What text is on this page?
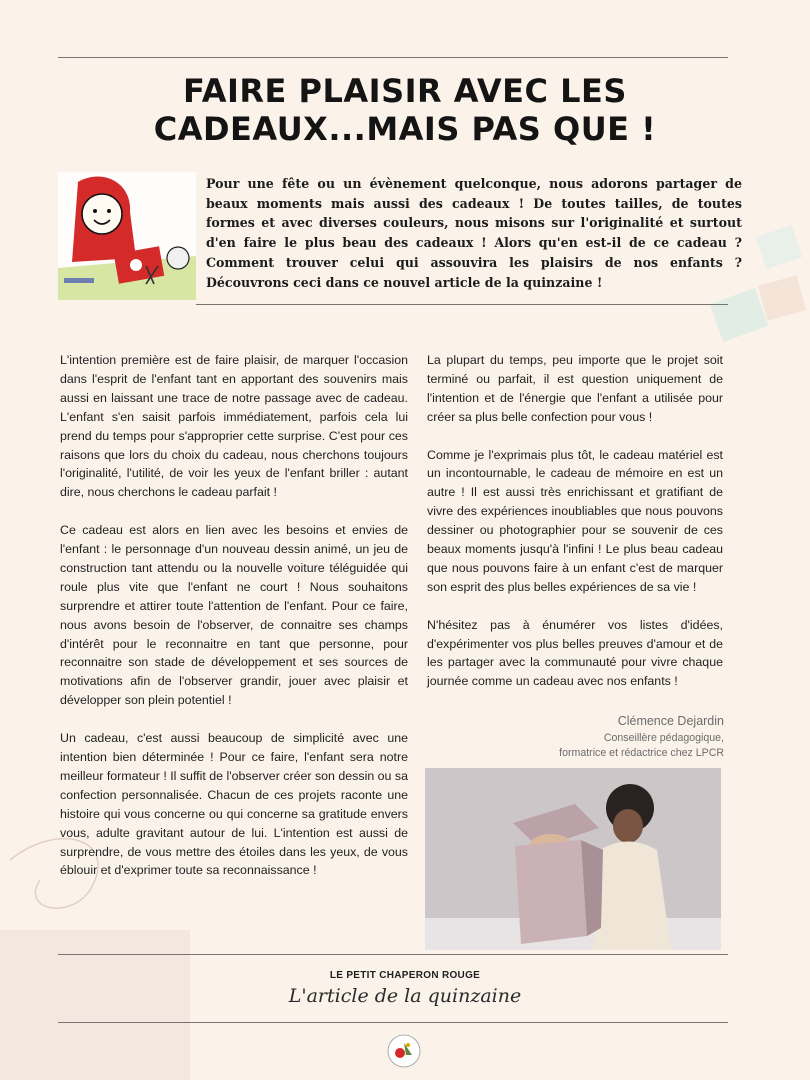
FAIRE PLAISIR AVEC LES
CADEAUX...MAIS PAS QUE !

Pour une fête ou un évènement quelconque, nous adorons partager de beaux moments mais aussi des cadeaux ! De toutes tailles, de toutes formes et avec diverses couleurs, nous misons sur l'originalité et surtout d'en faire le plus beau des cadeaux ! Alors qu'en est-il de ce cadeau ? Comment trouver celui qui assouvira les plaisirs de nos enfants ? Découvrons ceci dans ce nouvel article de la quinzaine !

L'intention première est de faire plaisir, de marquer l'occasion dans l'esprit de l'enfant tant en apportant des souvenirs mais aussi en laissant une trace de notre passage avec de cadeau. L'enfant s'en saisit parfois immédiatement, parfois cela lui prend du temps pour s'approprier cette surprise. C'est pour ces raisons que lors du choix du cadeau, nous cherchons toujours l'originalité, l'utilité, de voir les yeux de l'enfant briller : autant dire, nous cherchons le cadeau parfait !

Ce cadeau est alors en lien avec les besoins et envies de l'enfant : le personnage d'un nouveau dessin animé, un jeu de construction tant attendu ou la nouvelle voiture téléguidée qui roule plus vite que l'enfant ne court ! Nous souhaitons surprendre et attirer toute l'attention de l'enfant. Pour ce faire, nous avons besoin de l'observer, de connaitre ses champs d'intérêt pour le reconnaitre en tant que personne, pour reconnaitre son stade de développement et ses sources de motivations afin de l'observer grandir, jouer avec plaisir et développer son plein potentiel !

Un cadeau, c'est aussi beaucoup de simplicité avec une intention bien déterminée ! Pour ce faire, l'enfant sera notre meilleur formateur ! Il suffit de l'observer créer son dessin ou sa confection personnalisée. Chacun de ces projets raconte une histoire qui vous concerne ou qui concerne sa gratitude envers vous, adulte gravitant autour de lui. L'intention est aussi de surprendre, de vous mettre des étoiles dans les yeux, de vous éblouir et d'exprimer toute sa reconnaissance !

La plupart du temps, peu importe que le projet soit terminé ou parfait, il est question uniquement de l'intention et de l'énergie que l'enfant a utilisée pour créer sa plus belle confection pour vous !

Comme je l'exprimais plus tôt, le cadeau matériel est un incontournable, le cadeau de mémoire en est un autre ! Il est aussi très enrichissant et gratifiant de vivre des expériences inoubliables que nous pouvons dessiner ou photographier pour se souvenir de ces beaux moments jusqu'à l'infini ! Le plus beau cadeau que nous pouvons faire à un enfant c'est de marquer son esprit des plus belles expériences de sa vie !

N'hésitez pas à énumérer vos listes d'idées, d'expérimenter vos plus belles preuves d'amour et de les partager avec la communauté pour vivre chaque journée comme un cadeau avec nos enfants !

Clémence Dejardin

Conseillère pédagogique,
formatrice et rédactrice chez LPCR

LE PETIT CHAPERON ROUGE

L'article de la quinzaine
